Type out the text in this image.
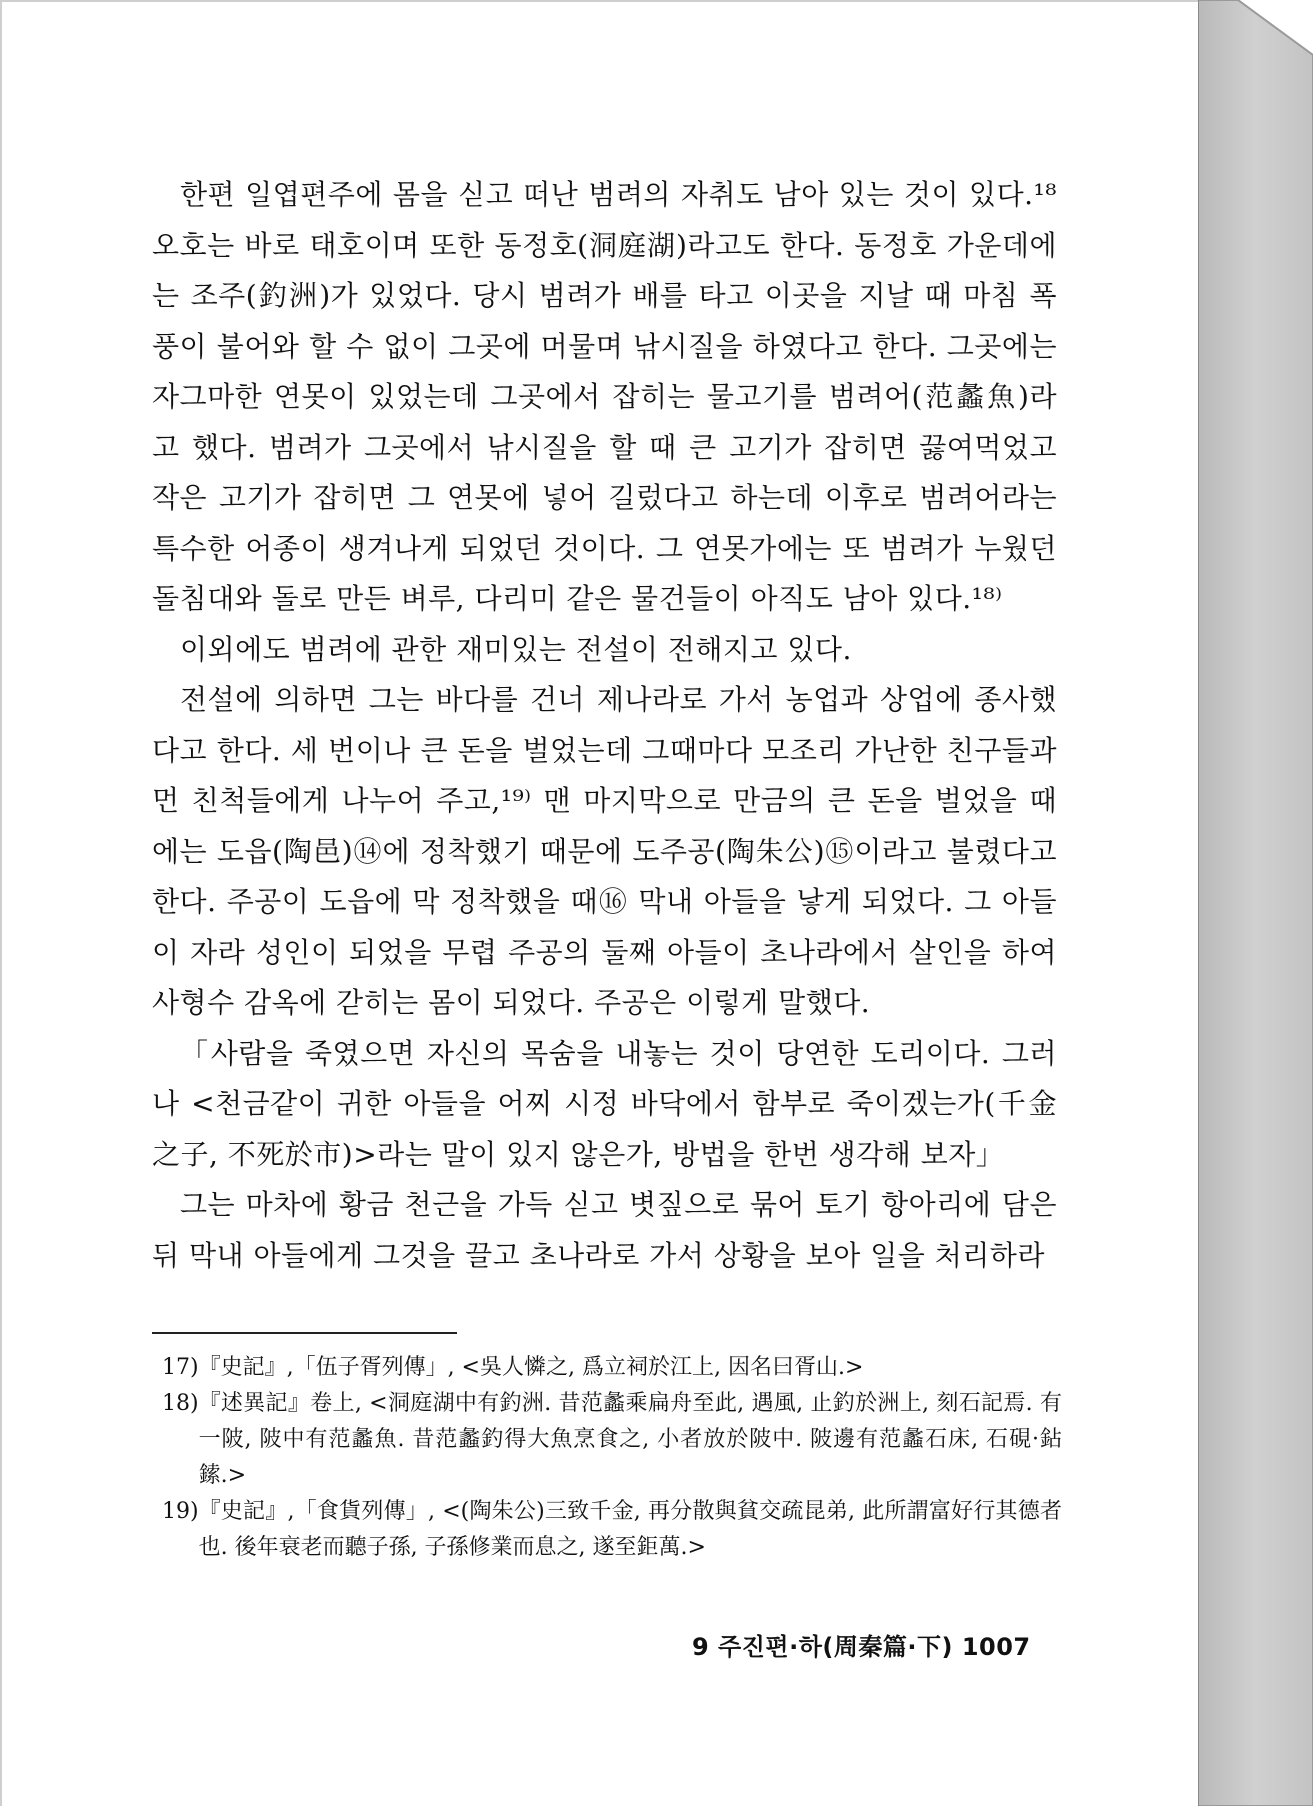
한편 일엽편주에 몸을 싣고 떠난 범려의 자취도 남아 있는 것이 있다.¹⁸ 오호는 바로 태호이며 또한 동정호(洞庭湖)라고도 한다. 동정호 가운데에는 조주(釣洲)가 있었다. 당시 범려가 배를 타고 이곳을 지날 때 마침 폭풍이 불어와 할 수 없이 그곳에 머물며 낚시질을 하였다고 한다. 그곳에는 자그마한 연못이 있었는데 그곳에서 잡히는 물고기를 범려어(范蠡魚)라고 했다. 범려가 그곳에서 낚시질을 할 때 큰 고기가 잡히면 끓여먹었고 작은 고기가 잡히면 그 연못에 넣어 길렀다고 하는데 이후로 범려어라는 특수한 어종이 생겨나게 되었던 것이다. 그 연못가에는 또 범려가 누웠던 돌침대와 돌로 만든 벼루, 다리미 같은 물건들이 아직도 남아 있다.¹⁸⁾

이외에도 범려에 관한 재미있는 전설이 전해지고 있다.

전설에 의하면 그는 바다를 건너 제나라로 가서 농업과 상업에 종사했다고 한다. 세 번이나 큰 돈을 벌었는데 그때마다 모조리 가난한 친구들과 먼 친척들에게 나누어 주고,¹⁹⁾ 맨 마지막으로 만금의 큰 돈을 벌었을 때에는 도읍(陶邑)⑭에 정착했기 때문에 도주공(陶朱公)⑮이라고 불렸다고 한다. 주공이 도읍에 막 정착했을 때⑯ 막내 아들을 낳게 되었다. 그 아들이 자라 성인이 되었을 무렵 주공의 둘째 아들이 초나라에서 살인을 하여 사형수 감옥에 갇히는 몸이 되었다. 주공은 이렇게 말했다.

「사람을 죽였으면 자신의 목숨을 내놓는 것이 당연한 도리이다. 그러나 <천금같이 귀한 아들을 어찌 시정 바닥에서 함부로 죽이겠는가(千金之子, 不死於市)>라는 말이 있지 않은가, 방법을 한번 생각해 보자」

그는 마차에 황금 천근을 가득 싣고 볏짚으로 묶어 토기 항아리에 담은 뒤 막내 아들에게 그것을 끌고 초나라로 가서 상황을 보아 일을 처리하라

17) 『史記』,「伍子胥列傳」, <吳人憐之, 爲立祠於江上, 因名曰胥山.>
18) 『述異記』卷上, <洞庭湖中有釣洲. 昔范蠡乘扁舟至此, 遇風, 止釣於洲上, 刻石記焉. 有一陂, 陂中有范蠡魚. 昔范蠡釣得大魚烹食之, 小者放於陂中. 陂邊有范蠡石床, 石硯·鉆鎍.>
19) 『史記』,「食貨列傳」, <(陶朱公)三致千金, 再分散與貧交疏昆弟, 此所謂富好行其德者也. 後年衰老而聽子孫, 子孫修業而息之, 遂至鉅萬.>
9 주진편·하(周秦篇·下) 1007
